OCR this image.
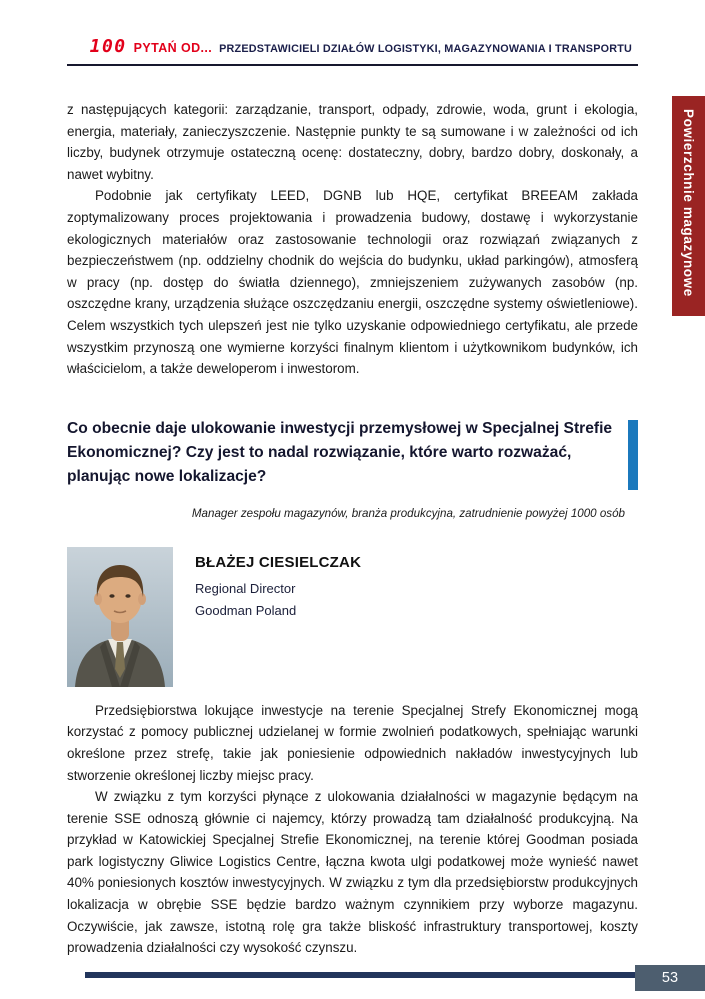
100 PYTAŃ OD... PRZEDSTAWICIELI DZIAŁÓW LOGISTYKI, MAGAZYNOWANIA I TRANSPORTU
Powierzchnie magazynowe

z następujących kategorii: zarządzanie, transport, odpady, zdrowie, woda, grunt i ekologia, energia, materiały, zanieczyszczenie. Następnie punkty te są sumowane i w zależności od ich liczby, budynek otrzymuje ostateczną ocenę: dostateczny, dobry, bardzo dobry, doskonały, a nawet wybitny.

Podobnie jak certyfikaty LEED, DGNB lub HQE, certyfikat BREEAM zakłada zoptymalizowany proces projektowania i prowadzenia budowy, dostawę i wykorzystanie ekologicznych materiałów oraz zastosowanie technologii oraz rozwiązań związanych z bezpieczeństwem (np. oddzielny chodnik do wejścia do budynku, układ parkingów), atmosferą w pracy (np. dostęp do światła dziennego), zmniejszeniem zużywanych zasobów (np. oszczędne krany, urządzenia służące oszczędzaniu energii, oszczędne systemy oświetleniowe). Celem wszystkich tych ulepszeń jest nie tylko uzyskanie odpowiedniego certyfikatu, ale przede wszystkim przynoszą one wymierne korzyści finalnym klientom i użytkownikom budynków, ich właścicielom, a także deweloperom i inwestorom.

Co obecnie daje ulokowanie inwestycji przemysłowej w Specjalnej Strefie Ekonomicznej? Czy jest to nadal rozwiązanie, które warto rozważać, planując nowe lokalizacje?

Manager zespołu magazynów, branża produkcyjna, zatrudnienie powyżej 1000 osób

BŁAŻEJ CIESIELCZAK

Regional Director

Goodman Poland

Przedsiębiorstwa lokujące inwestycje na terenie Specjalnej Strefy Ekonomicznej mogą korzystać z pomocy publicznej udzielanej w formie zwolnień podatkowych, spełniając warunki określone przez strefę, takie jak poniesienie odpowiednich nakładów inwestycyjnych lub stworzenie określonej liczby miejsc pracy.

W związku z tym korzyści płynące z ulokowania działalności w magazynie będącym na terenie SSE odnoszą głównie ci najemcy, którzy prowadzą tam działalność produkcyjną. Na przykład w Katowickiej Specjalnej Strefie Ekonomicznej, na terenie której Goodman posiada park logistyczny Gliwice Logistics Centre, łączna kwota ulgi podatkowej może wynieść nawet 40% poniesionych kosztów inwestycyjnych. W związku z tym dla przedsiębiorstw produkcyjnych lokalizacja w obrębie SSE będzie bardzo ważnym czynnikiem przy wyborze magazynu. Oczywiście, jak zawsze, istotną rolę gra także bliskość infrastruktury transportowej, koszty prowadzenia działalności czy wysokość czynszu.

53
